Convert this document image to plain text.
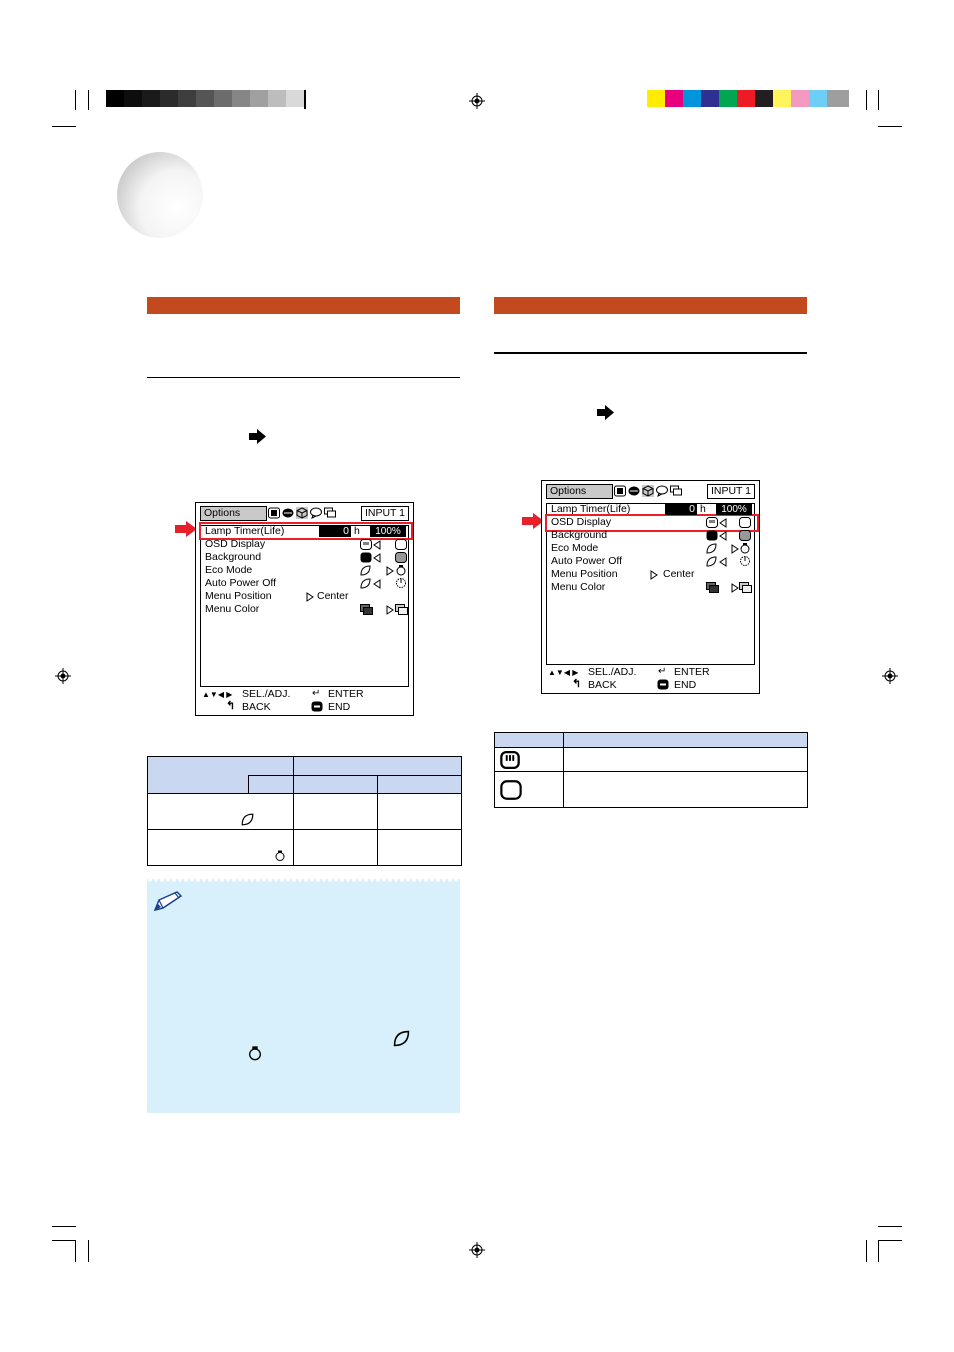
Options	INPUT 1
Lamp Timer(Life)	0 h	100%
OSD Display
Background
Eco Mode
Auto Power Off
Menu Position
Menu Color
Center
▲▼◀ ▶ SEL./ADJ. ↵ ENTER
↰ BACK	END
Options	INPUT 1
Lamp Timer(Life)	0 h	100%
OSD Display
Background
Eco Mode
Auto Power Off
Menu Position
Menu Color
Center
▲▼◀ ▶ SEL./ADJ. ↵ ENTER
↰ BACK	END
